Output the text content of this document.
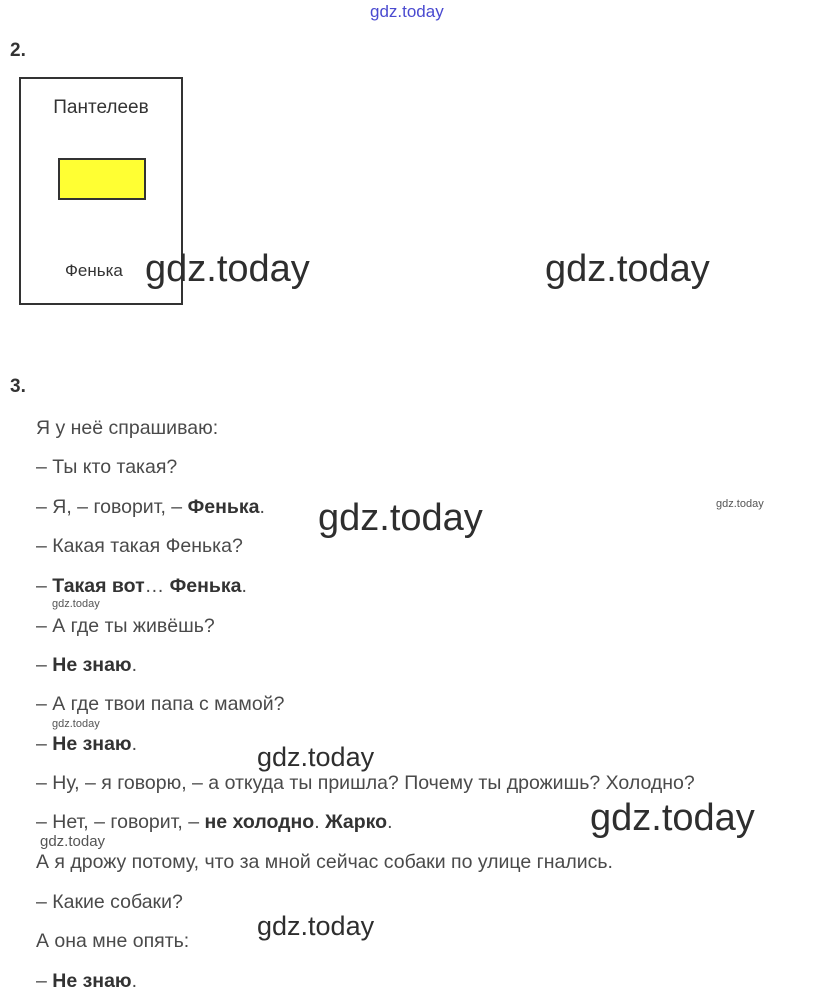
gdz.today
2.
Пантелеев
Фенька gdz.today	gdz.today
3.
Я у неё спрашиваю:
– Ты кто такая?
– Я, – говорит, – Фенька.
– Какая такая Фенька?
– Такая вот… Фенька.
– А где ты живёшь?
– Не знаю.
– А где твои папа с мамой?
– Не знаю.
– Ну, – я говорю, – а откуда ты пришла? Почему ты дрожишь? Холодно?
– Нет, – говорит, – не холодно. Жарко.
А я дрожу потому, что за мной сейчас собаки по улице гнались.
– Какие собаки?
А она мне опять:
– Не знаю.
gdz.today	gdz.today
gdz.today
gdz.today
gdz.today
gdz.today
gdz.today
gdz.today
